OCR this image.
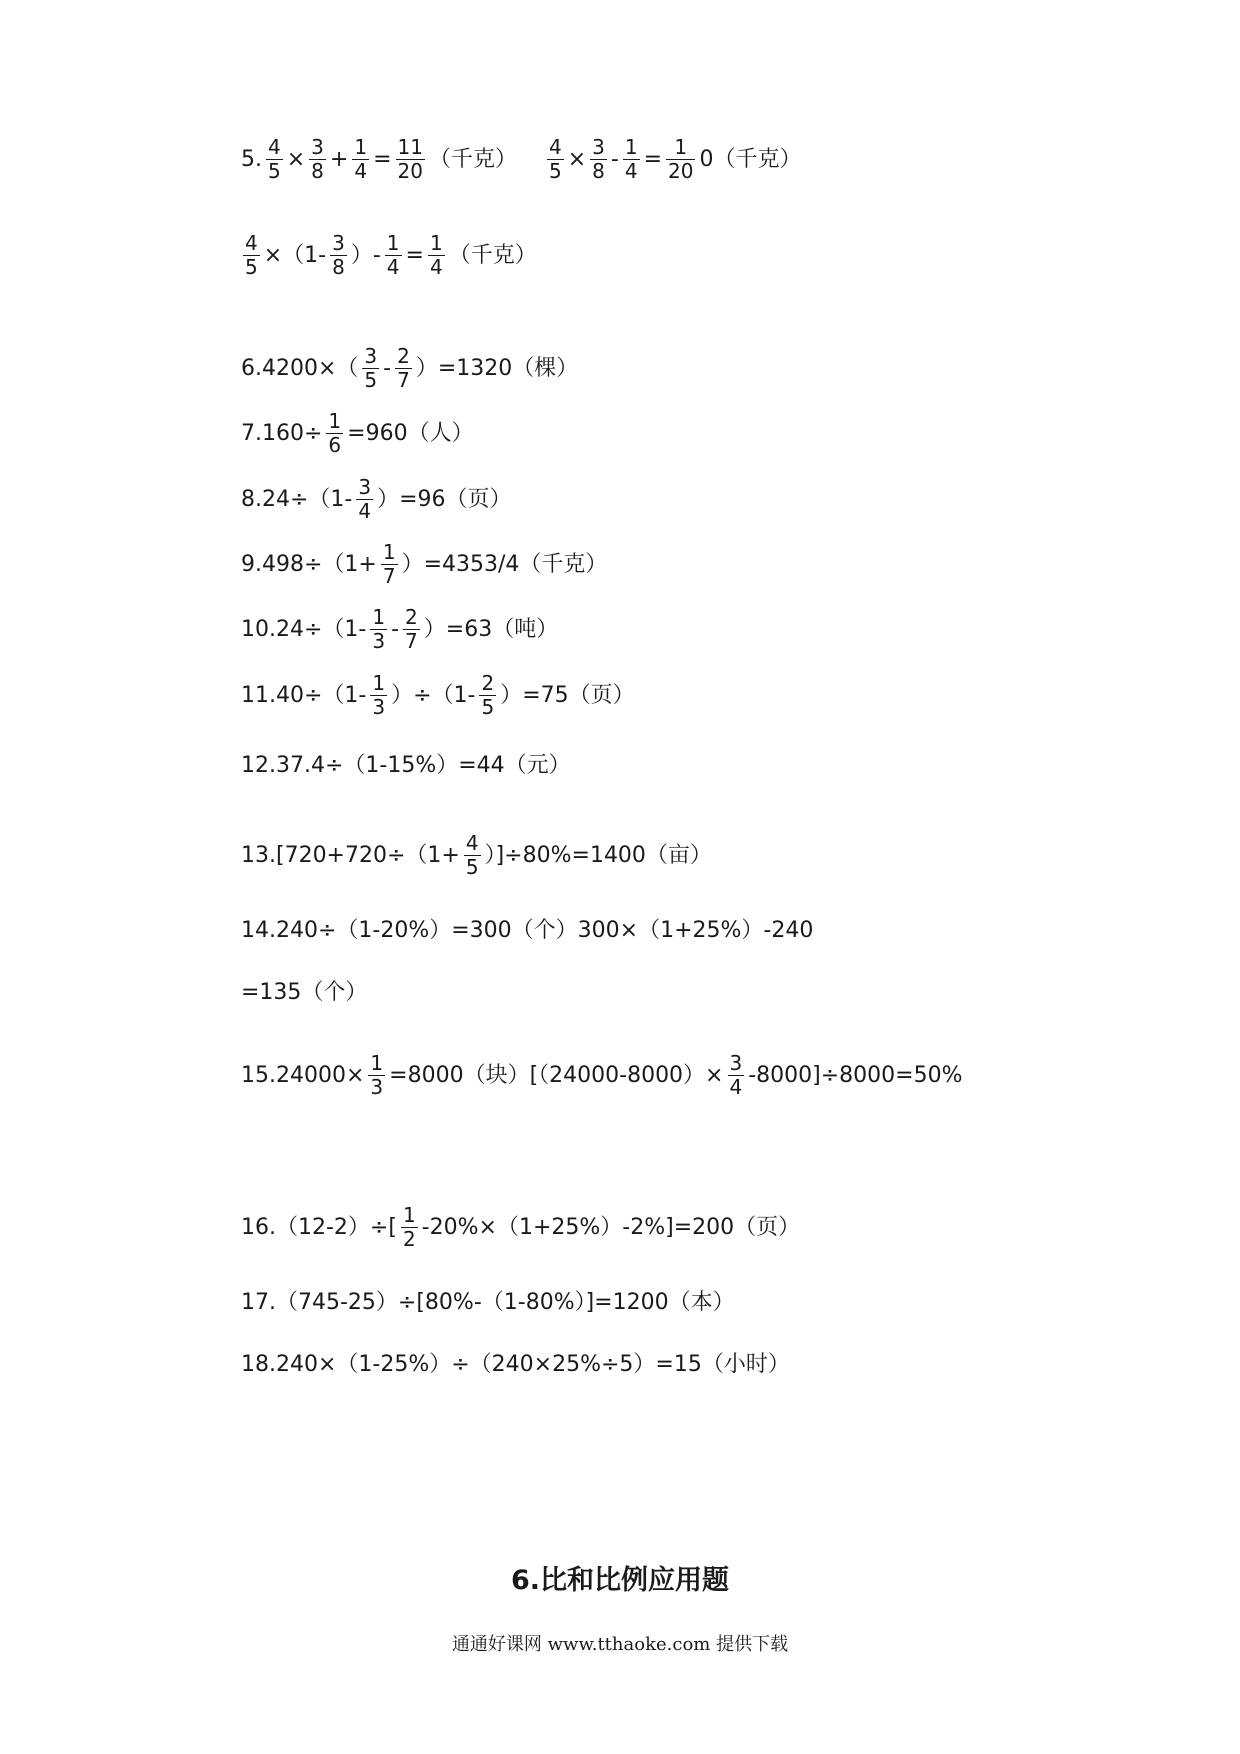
5. $\frac{4}{5} \times \frac{3}{8} + \frac{1}{4} = \frac{11}{20}$ （千克） $\frac{4}{5} \times \frac{3}{8} - \frac{1}{4} = \frac{1}{20} 0$（千克）
$\frac{4}{5} \times(1- \frac{3}{8}$ ）- $\frac{1}{4} = \frac{1}{4}$ （千克）
$6.4200\times( \frac{3}{5} - \frac{2}{7} )=1320$（棵）
$7.160\div \frac{1}{6} =960$（人）
$8.24\div(1- \frac{3}{4} )=96$（页）
$9.498\div(1+ \frac{1}{7} )=4353/4$（千克）
$10.24\div(1- \frac{1}{3} - \frac{2}{7} )=63$（吨）
$11.40\div(1- \frac{1}{3} )\div(1- \frac{2}{5} )=75$（页）
12.37.4÷（1-15%）=44（元）
$13.[720+720\div(1+ \frac{4}{5} )]\div 80\%=1400$（亩）
14.240÷（1-20%）=300（个）300×（1+25%）-240
=135（个）
$15.24000\times \frac{1}{3} =8000$（块）$[(24000-8000)\times \frac{3}{4} -8000]\div 8000=50\%$
$16.(12-2)\div[ \frac{1}{2} -20\%\times(1+25\%)-2\%]=200$（页）
17.（745-25）÷[80%-（1-80%）]=1200（本）
18.240×（1-25%）÷（240×25%÷5）=15（小时）
6.比和比例应用题
通通好课网 www.tthaoke.com 提供下载
